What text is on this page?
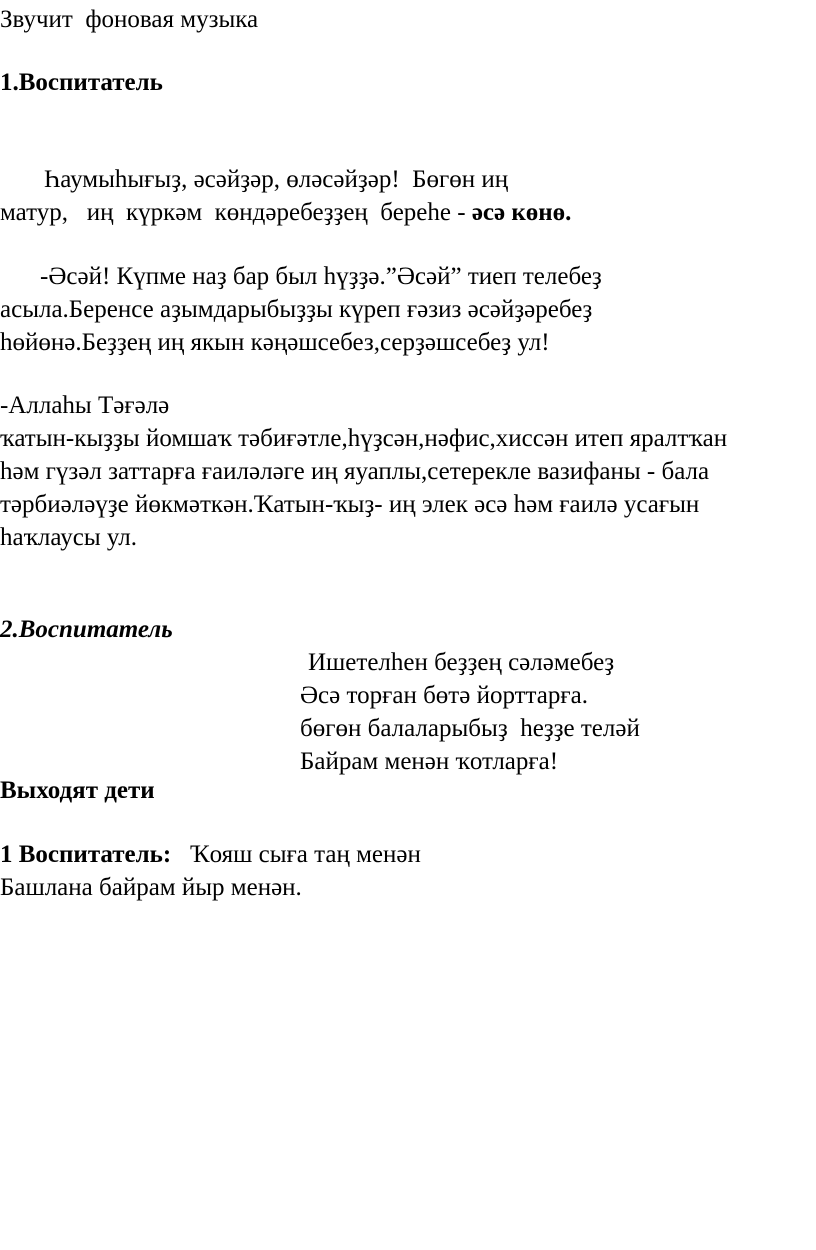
Звучит  фоновая музыка
1.Воспитатель
Һаумыһығыҙ, әсәйҙәр, өләсәйҙәр!  Бөгөн иң
матур,   иң  күркәм  көндәребеҙҙең  береһе - әсә көнө.
-Әсәй! Күпме наҙ бар был һүҙҙә.”Әсәй” тиеп телебеҙ
асыла.Беренсе аҙымдарыбыҙҙы күреп ғәзиз әсәйҙәребеҙ
һөйөнә.Беҙҙең иң якын кәңәшсебез,серҙәшсебеҙ ул!
-Аллаһы Тәғәлә
ҡатын-кыҙҙы йомшаҡ тәбиғәтле,һүҙсән,нәфис,хиссән итеп яралтҡан
һәм гүзәл заттарға ғаиләләге иң яуаплы,сетерекле вазифаны - бала
тәрбиәләүҙе йөкмәткән.Ҡатын-ҡыҙ- иң элек әсә һәм ғаилә усағын
һаҡлаусы ул.
2.Воспитатель
Ишетелһен беҙҙең сәләмебеҙ
Әсә торған бөтә йорттарға.
бөгөн балаларыбыҙ  һеҙҙе теләй
Байрам менән ҡотларға!
Выходят дети
1 Воспитатель:   Ҡояш сыға таң менән
Башлана байрам йыр менән.
